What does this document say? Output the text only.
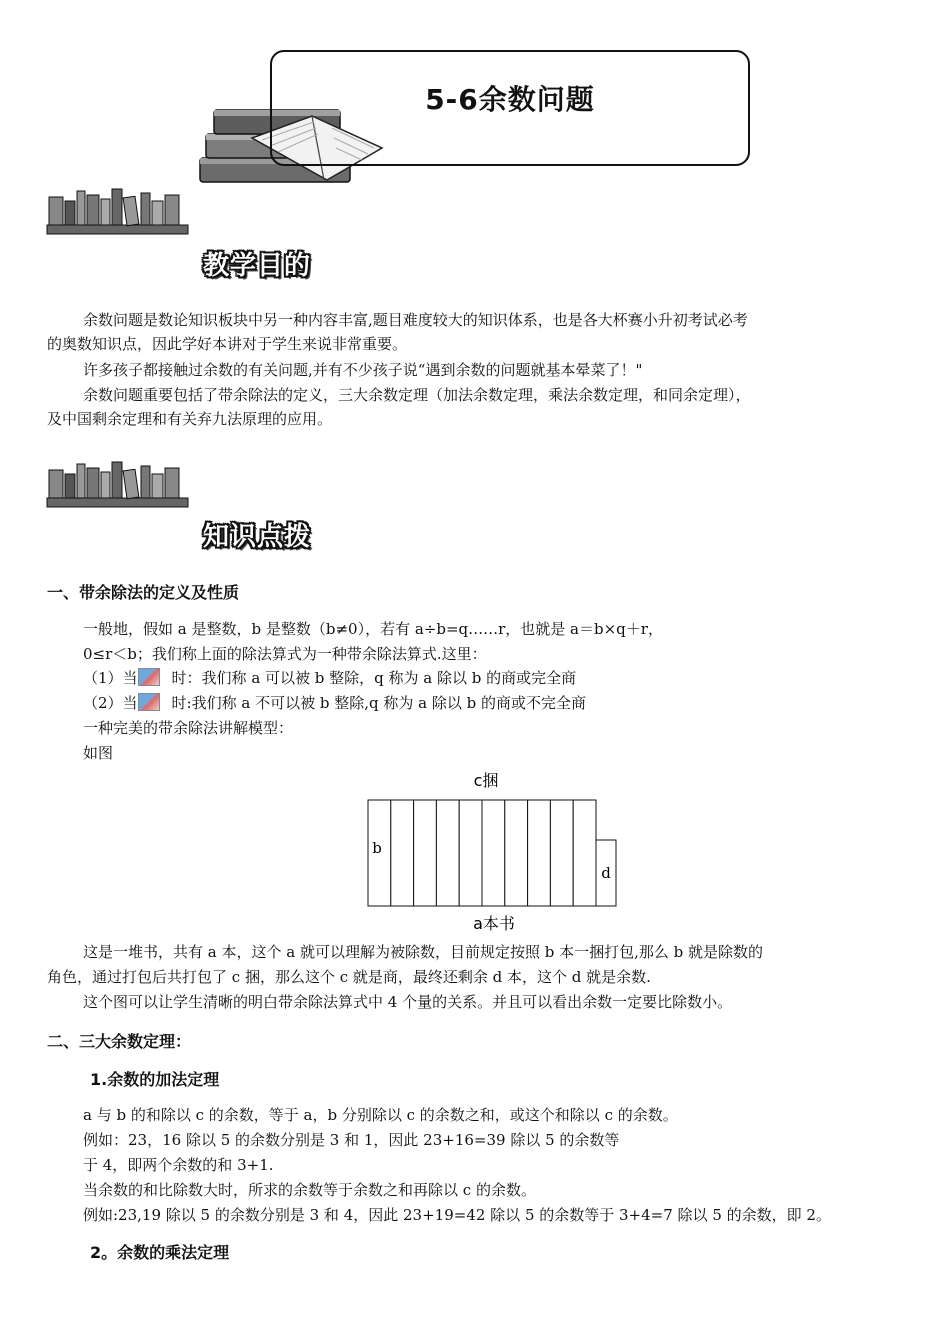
5-6余数问题
教学目的
余数问题是数论知识板块中另一种内容丰富,题目难度较大的知识体系，也是各大杯赛小升初考试必考
的奥数知识点，因此学好本讲对于学生来说非常重要。
许多孩子都接触过余数的有关问题,并有不少孩子说“遇到余数的问题就基本晕菜了！"
余数问题重要包括了带余除法的定义，三大余数定理（加法余数定理，乘法余数定理，和同余定理），
及中国剩余定理和有关弃九法原理的应用。
知识点拨
一、带余除法的定义及性质
一般地，假如 a 是整数，b 是整数（b≠0），若有 a÷b=q……r，也就是 a＝b×q＋r，
0≤r＜b；我们称上面的除法算式为一种带余除法算式.这里：
（1）当 时：我们称 a 可以被 b 整除，q 称为 a 除以 b 的商或完全商
（2）当 时:我们称 a 不可以被 b 整除,q 称为 a 除以 b 的商或不完全商
一种完美的带余除法讲解模型：
如图
c捆
b
d
a本书
这是一堆书，共有 a 本，这个 a 就可以理解为被除数，目前规定按照 b 本一捆打包,那么 b 就是除数的
角色，通过打包后共打包了 c 捆，那么这个 c 就是商，最终还剩余 d 本，这个 d 就是余数.
这个图可以让学生清晰的明白带余除法算式中 4 个量的关系。并且可以看出余数一定要比除数小。
二、三大余数定理：
1.余数的加法定理
a 与 b 的和除以 c 的余数，等于 a，b 分别除以 c 的余数之和，或这个和除以 c 的余数。
例如：23，16 除以 5 的余数分别是 3 和 1，因此 23+16=39 除以 5 的余数等
于 4，即两个余数的和 3+1.
当余数的和比除数大时，所求的余数等于余数之和再除以 c 的余数。
例如:23,19 除以 5 的余数分别是 3 和 4，因此 23+19=42 除以 5 的余数等于 3+4=7 除以 5 的余数，即 2。
2。余数的乘法定理
